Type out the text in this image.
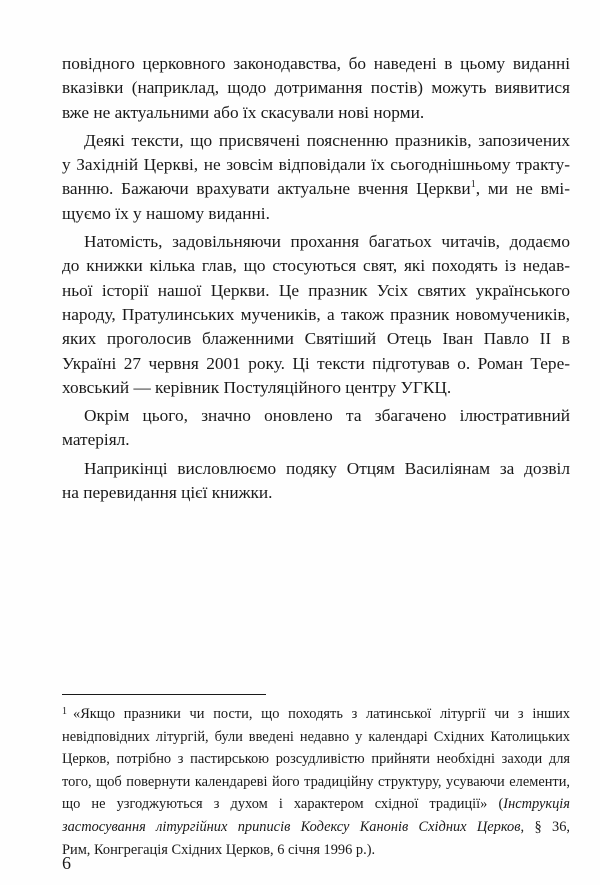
повідного церковного законодавства, бо наведені в цьому виданні
вказівки (наприклад, щодо дотримання постів) можуть виявитися
вже не актуальними або їх скасували нові норми.

Деякі тексти, що присвячені поясненню празників, запозичених
у Західній Церкві, не зовсім відповідали їх сьогоднішньому тракту-
ванню. Бажаючи врахувати актуальне вчення Церкви$^1$, ми не вмі-
щуємо їх у нашому виданні.

Натомість, задовільняючи прохання багатьох читачів, додаємо
до книжки кілька глав, що стосуються свят, які походять із недав-
ньої історії нашої Церкви. Це празник Усіх святих українського
народу, Пратулинських мучеників, а також празник новомучеників,
яких проголосив блаженними Святіший Отець Іван Павло ІІ в
Україні 27 червня 2001 року. Ці тексти підготував о. Роман Тере-
ховський — керівник Постуляційного центру УГКЦ.

Окрім цього, значно оновлено та збагачено ілюстративний
матеріял.

Наприкінці висловлюємо подяку Отцям Василіянам за дозвіл
на перевидання цієї книжки.

$^1$ «Якщо празники чи пости, що походять з латинської літургії чи з інших
невідповідних літургій, були введені недавно у календарі Східних Католицьких
Церков, потрібно з пастирською розсудливістю прийняти необхідні заходи для
того, щоб повернути календареві його традиційну структуру, усуваючи елементи,
що не узгоджуються з духом і характером східної традиції» (Інструкція
застосування літургійних приписів Кодексу Канонів Східних Церков, § 36,
Рим, Конгрегація Східних Церков, 6 січня 1996 р.).
6
